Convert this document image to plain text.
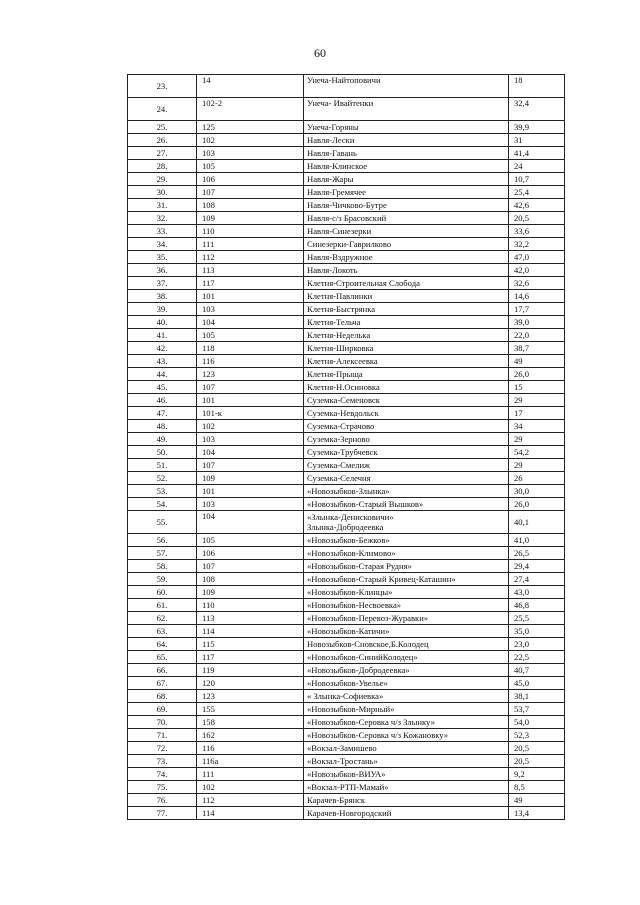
60
23.	14	Унеча-Найтоповичи	18
24.	102-2	Унеча- Ивайтенки	32,4
25.	125	Унеча-Горяны	39,9
26.	102	Навля-Лески	31
27.	103	Навля-Гавань	41,4
28.	105	Навля-Клинское	24
29.	106	Навля-Жары	10,7
30.	107	Навля-Гремячее	25,4
31.	108	Навля-Чичково-Бутре	42,6
32.	109	Навля-с/з Брасовский	20,5
33.	110	Навля-Синезерки	33,6
34.	111	Синезерки-Гаврилково	32,2
35.	112	Навля-Вздружное	47,0
36.	113	Навля-Локоть	42,0
37.	117	Клетня-Строительная Слобода	32,6
38.	101	Клетня-Павлинки	14,6
39.	103	Клетня-Быстрянка	17,7
40.	104	Клетня-Тельча	39,0
41.	105	Клетня-Неделька	22,0
42.	118	Клетня-Ширковка	38,7
43.	116	Клетня-Алексеевка	49
44.	123	Клетня-Прыща	26,0
45.	107	Клетня-Н.Осиновка	15
46.	101	Суземка-Семеновск	29
47.	101-к	Суземка-Невдольск	17
48.	102	Суземка-Страчово	34
49.	103	Суземка-Зерново	29
50.	104	Суземка-Трубчевск	54,2
51.	107	Суземка-Смелиж	29
52.	109	Суземка-Селечня	26
53.	101	«Новозыбков-Злынка»	30,0
54.	103	«Новозыбков-Старый Вышков»	26,0
55.	104	«Злынка-Денисковичи»
Злынка-Добродеевка	40,1
56.	105	«Новозыбков-Бежков»	41,0
57.	106	«Новозыбков-Климово»	26,5
58.	107	«Новозыбков-Старая Рудня»	29,4
59.	108	«Новозыбков-Старый Кривец-Каташин»	27,4
60.	109	«Новозыбков-Клинцы»	43,0
61.	110	«Новозыбков-Несвоевка»	46,8
62.	113	«Новозыбков-Перевоз-Журавки»	25,5
63.	114	«Новозыбков-Катичи»	35,0
64.	115	Новозыбков-Сновское,Б.Колодец	23,0
65.	117	«Новозыбков-СинийКолодец»	22,5
66.	119	«Новозыбков-Добродеевка»	40,7
67.	120	«Новозыбков-Увелье»	45,0
68.	123	« Злынка-Софиевка»	38,1
69.	155	«Новозыбков-Мирный»	53,7
70.	158	«Новозыбков-Серовка ч/з Злынку»	54,0
71.	162	«Новозыбков-Серовка ч/з Кожановку»	52,3
72.	116	«Вокзал-Замишево	20,5
73.	116а	«Вокзал-Тростань»	20,5
74.	111	«Новозыбков-ВИУА»	9,2
75.	102	«Вокзал-РТП-Мамай»	8,5
76.	112	Карачев-Брянск	49
77.	114	Карачев-Новгородский	13,4
